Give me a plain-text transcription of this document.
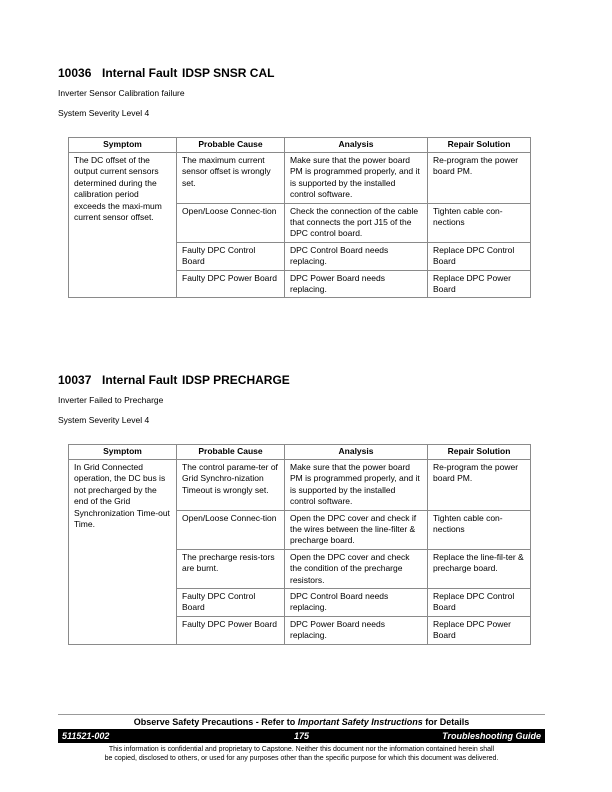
10036 Internal Fault IDSP SNSR CAL
Inverter Sensor Calibration failure
System Severity Level 4
Symptom	Probable Cause	Analysis	Repair Solution
The DC offset of the output current sensors determined during the calibration period exceeds the maxi-mum current sensor offset.	The maximum current sensor offset is wrongly set.	Make sure that the power board PM is programmed properly, and it is supported by the installed control software.	Re-program the power board PM.
	Open/Loose Connec-tion	Check the connection of the cable that connects the port J15 of the DPC control board.	Tighten cable con-nections
	Faulty DPC Control Board	DPC Control Board needs replacing.	Replace DPC Control Board
	Faulty DPC Power Board	DPC Power Board needs replacing.	Replace DPC Power Board
10037 Internal Fault IDSP PRECHARGE
Inverter Failed to Precharge
System Severity Level 4
Symptom	Probable Cause	Analysis	Repair Solution
In Grid Connected operation, the DC bus is not precharged by the end of the Grid Synchronization Time-out Time.	The control parame-ter of Grid Synchro-nization Timeout is wrongly set.	Make sure that the power board PM is programmed properly, and it is supported by the installed control software.	Re-program the power board PM.
	Open/Loose Connec-tion	Open the DPC cover and check if the wires between the line-filter & precharge board.	Tighten cable con-nections
	The precharge resis-tors are burnt.	Open the DPC cover and check the condition of the precharge resistors.	Replace the line-fil-ter & precharge board.
	Faulty DPC Control Board	DPC Control Board needs replacing.	Replace DPC Control Board
	Faulty DPC Power Board	DPC Power Board needs replacing.	Replace DPC Power Board
Observe Safety Precautions - Refer to Important Safety Instructions for Details
511521-002	175	Troubleshooting Guide
This information is confidential and proprietary to Capstone. Neither this document nor the information contained herein shall
be copied, disclosed to others, or used for any purposes other than the specific purpose for which this document was delivered.
